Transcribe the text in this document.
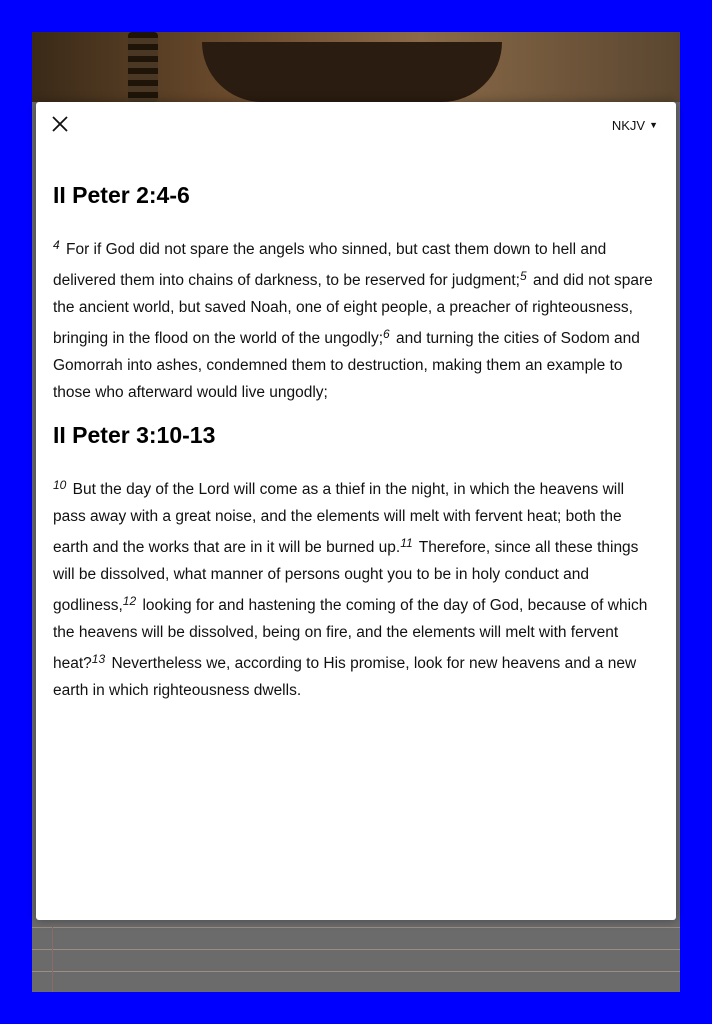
NKJV ▼
II Peter 2:4-6

$^4$ For if God did not spare the angels who sinned, but cast them down to hell and delivered them into chains of darkness, to be reserved for judgment;$^5$ and did not spare the ancient world, but saved Noah, one of eight people, a preacher of righteousness, bringing in the flood on the world of the ungodly;$^6$ and turning the cities of Sodom and Gomorrah into ashes, condemned them to destruction, making them an example to those who afterward would live ungodly;

II Peter 3:10-13

$^{10}$ But the day of the Lord will come as a thief in the night, in which the heavens will pass away with a great noise, and the elements will melt with fervent heat; both the earth and the works that are in it will be burned up.$^{11}$ Therefore, since all these things will be dissolved, what manner of persons ought you to be in holy conduct and godliness,$^{12}$ looking for and hastening the coming of the day of God, because of which the heavens will be dissolved, being on fire, and the elements will melt with fervent heat?$^{13}$ Nevertheless we, according to His promise, look for new heavens and a new earth in which righteousness dwells.
